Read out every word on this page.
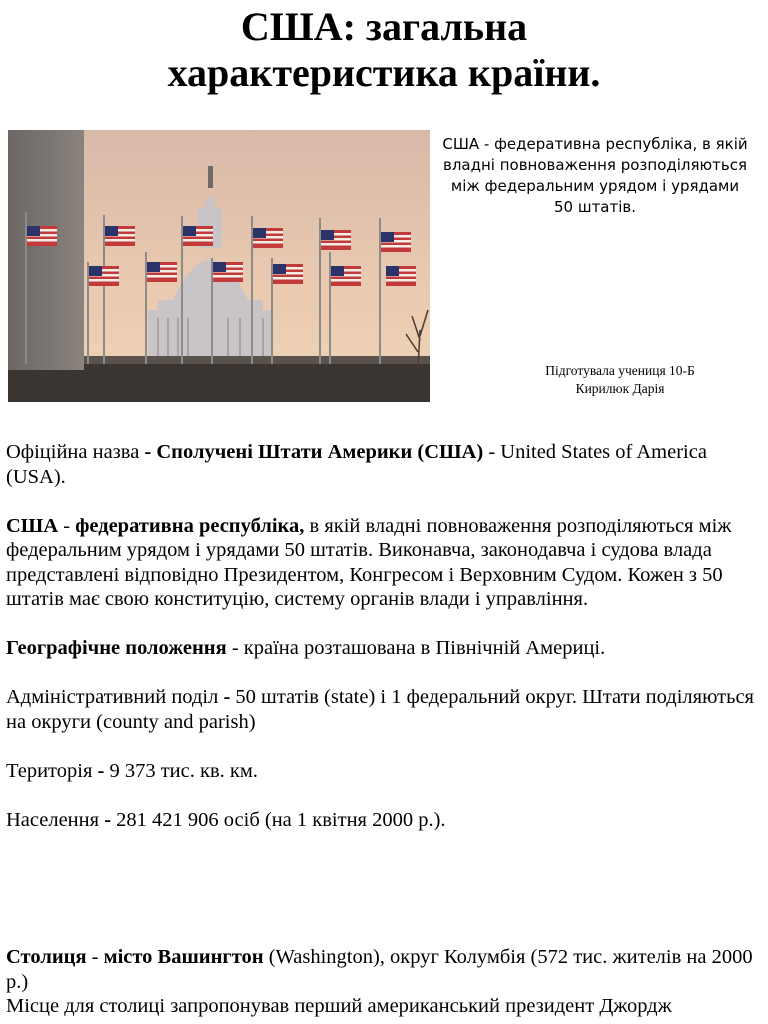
США: загальна
характеристика країни.
США - федеративна республіка, в якій владні повноваження розподіляються між федеральним урядом і урядами 50 штатів.
Підготувала учениця 10-Б
Кирилюк Дарія

Офіційна назва - Сполучені Штати Америки (США) - United States of America (USA).

США - федеративна республіка, в якій владні повноваження розподіляються між федеральним урядом і урядами 50 штатів. Виконавча, законодавча і судова влада представлені відповідно Президентом, Конгресом і Верховним Судом. Кожен з 50 штатів має свою конституцію, систему органів влади і управління.

Географічне положення - країна розташована в Північній Америці.

Адміністративний поділ - 50 штатів (state) і 1 федеральний округ. Штати поділяються на округи (county and parish)

Територія - 9 373 тис. кв. км.

Населення - 281 421 906 осіб (на 1 квітня 2000 р.).

Столиця - місто Вашингтон (Washington), округ Колумбія (572 тис. жителів на 2000 р.)
Місце для столиці запропонував перший американський президент Джордж
